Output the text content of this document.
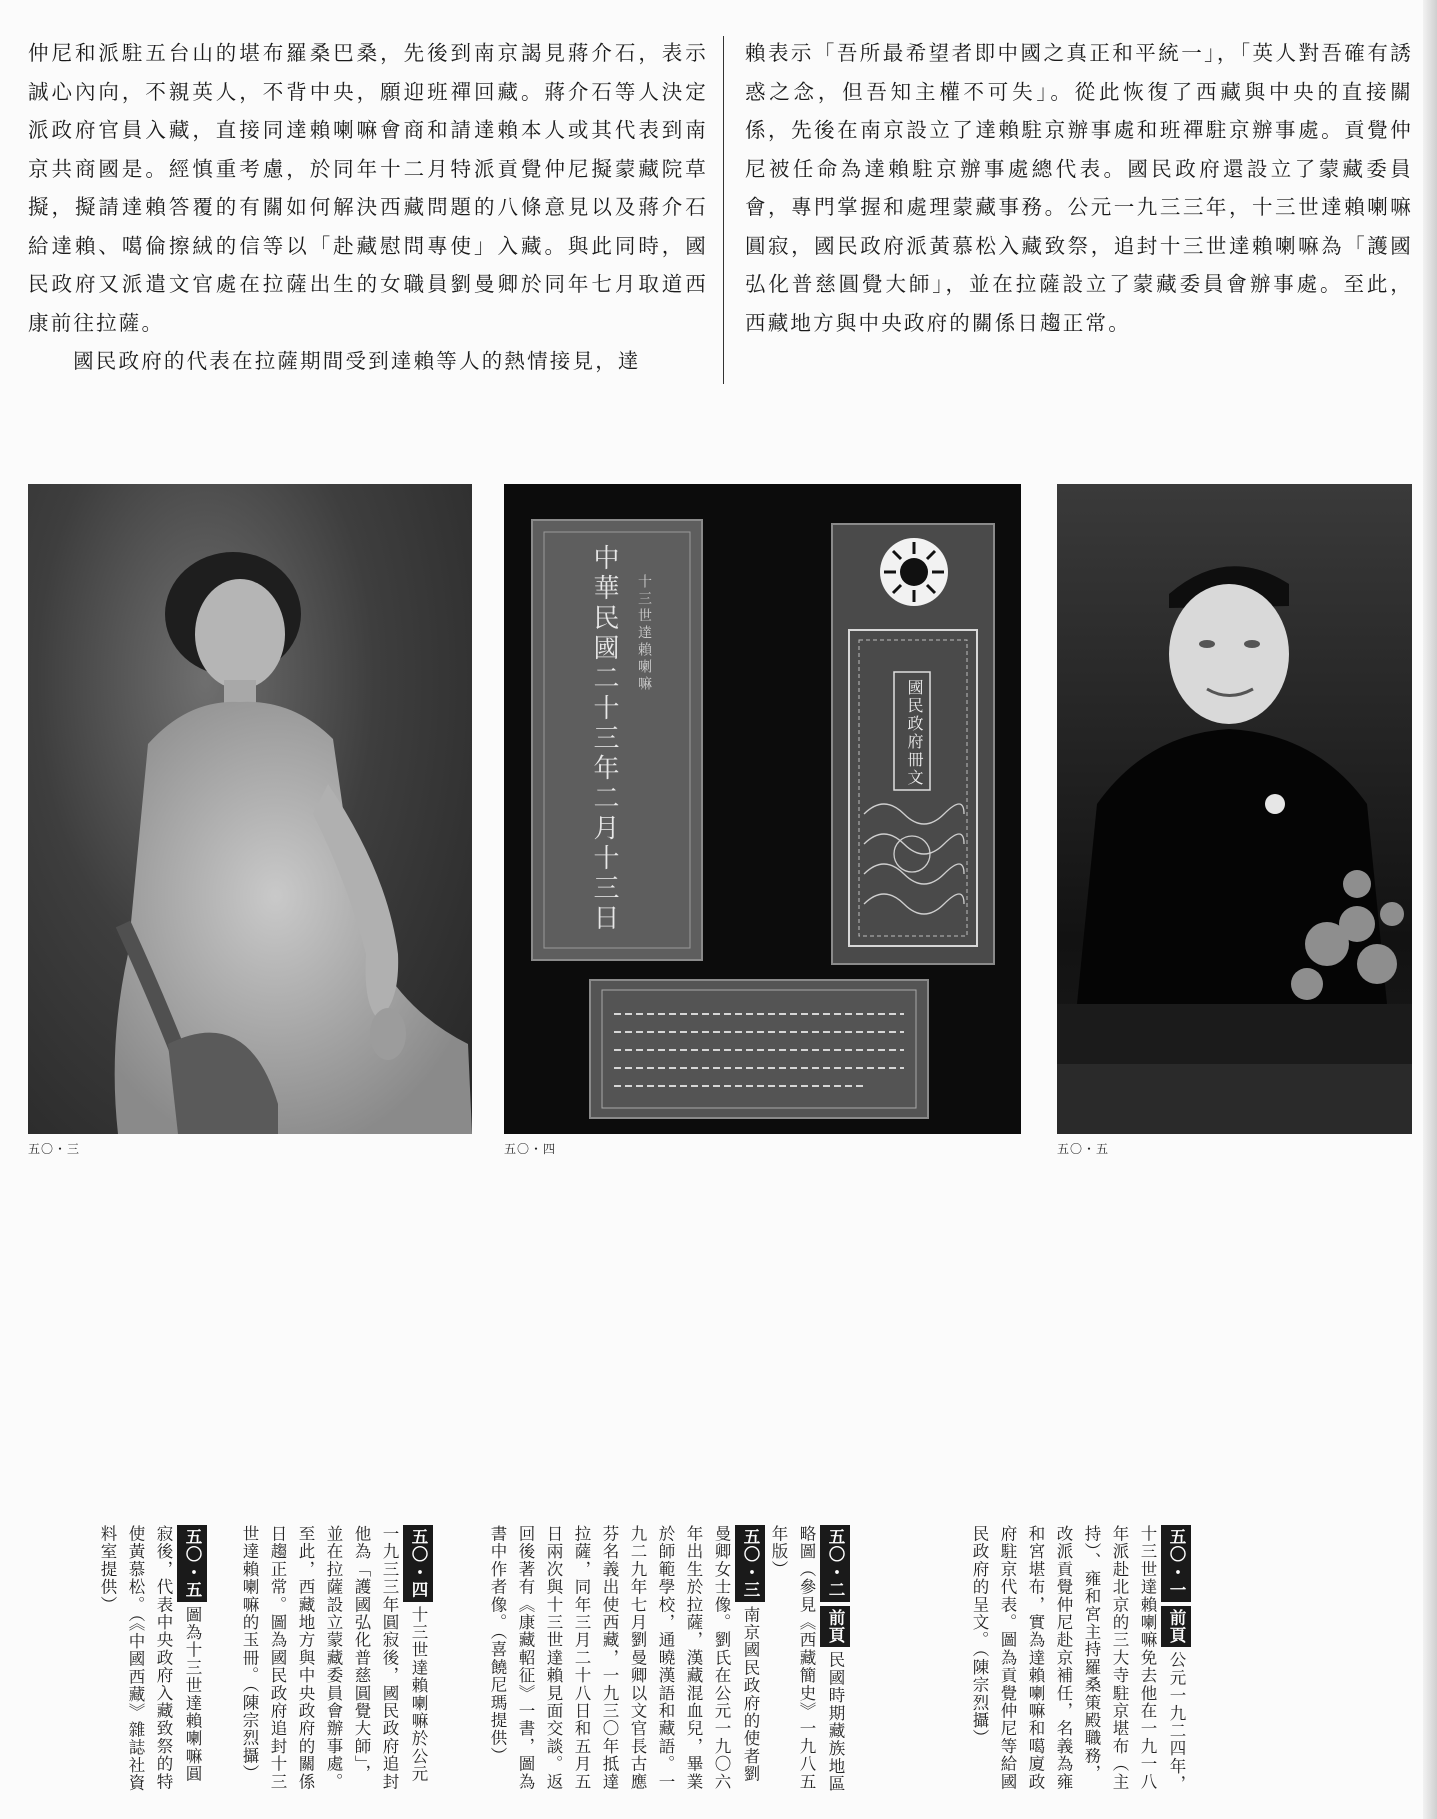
仲尼和派駐五台山的堪布羅桑巴桑，先後到南京謁見蔣介石，表示誠心內向，不親英人，不背中央，願迎班禪回藏。蔣介石等人決定派政府官員入藏，直接同達賴喇嘛會商和請達賴本人或其代表到南京共商國是。經慎重考慮，於同年十二月特派貢覺仲尼擬蒙藏院草擬，擬請達賴答覆的有關如何解決西藏問題的八條意見以及蔣介石給達賴、噶倫擦絨的信等以「赴藏慰問專使」入藏。與此同時，國民政府又派遣文官處在拉薩出生的女職員劉曼卿於同年七月取道西康前往拉薩。

國民政府的代表在拉薩期間受到達賴等人的熱情接見，達

賴表示「吾所最希望者即中國之真正和平統一」，「英人對吾確有誘惑之念，但吾知主權不可失」。從此恢復了西藏與中央的直接關係，先後在南京設立了達賴駐京辦事處和班禪駐京辦事處。貢覺仲尼被任命為達賴駐京辦事處總代表。國民政府還設立了蒙藏委員會，專門掌握和處理蒙藏事務。公元一九三三年，十三世達賴喇嘛圓寂，國民政府派黃慕松入藏致祭，追封十三世達賴喇嘛為「護國弘化普慈圓覺大師」，並在拉薩設立了蒙藏委員會辦事處。至此，西藏地方與中央政府的關係日趨正常。

五〇・三
中華民國二十三年二月十三日 十三世達賴喇嘛
國民政府冊文
五〇・四	五〇・五
五〇・一前頁公元一九二四年，十三世達賴喇嘛免去他在一九一八年派赴北京的三大寺駐京堪布（主持）、雍和宮主持羅桑策殿職務，改派貢覺仲尼赴京補任，名義為雍和宮堪布，實為達賴喇嘛和噶廈政府駐京代表。圖為貢覺仲尼等給國民政府的呈文。（陳宗烈攝）
五〇・二前頁民國時期藏族地區略圖（參見《西藏簡史》一九八五年版）
五〇・三南京國民政府的使者劉曼卿女士像。劉氏在公元一九〇六年出生於拉薩，漢藏混血兒，畢業於師範學校，通曉漢語和藏語。一九二九年七月劉曼卿以文官長古應芬名義出使西藏，一九三〇年抵達拉薩，同年三月二十八日和五月五日兩次與十三世達賴見面交談。返回後著有《康藏軺征》一書，圖為書中作者像。（喜饒尼瑪提供）
五〇・四十三世達賴喇嘛於公元一九三三年圓寂後，國民政府追封他為「護國弘化普慈圓覺大師」，並在拉薩設立蒙藏委員會辦事處。至此，西藏地方與中央政府的關係日趨正常。圖為國民政府追封十三世達賴喇嘛的玉冊。（陳宗烈攝）
五〇・五圖為十三世達賴喇嘛圓寂後，代表中央政府入藏致祭的特使黃慕松。（《中國西藏》雜誌社資料室提供）
